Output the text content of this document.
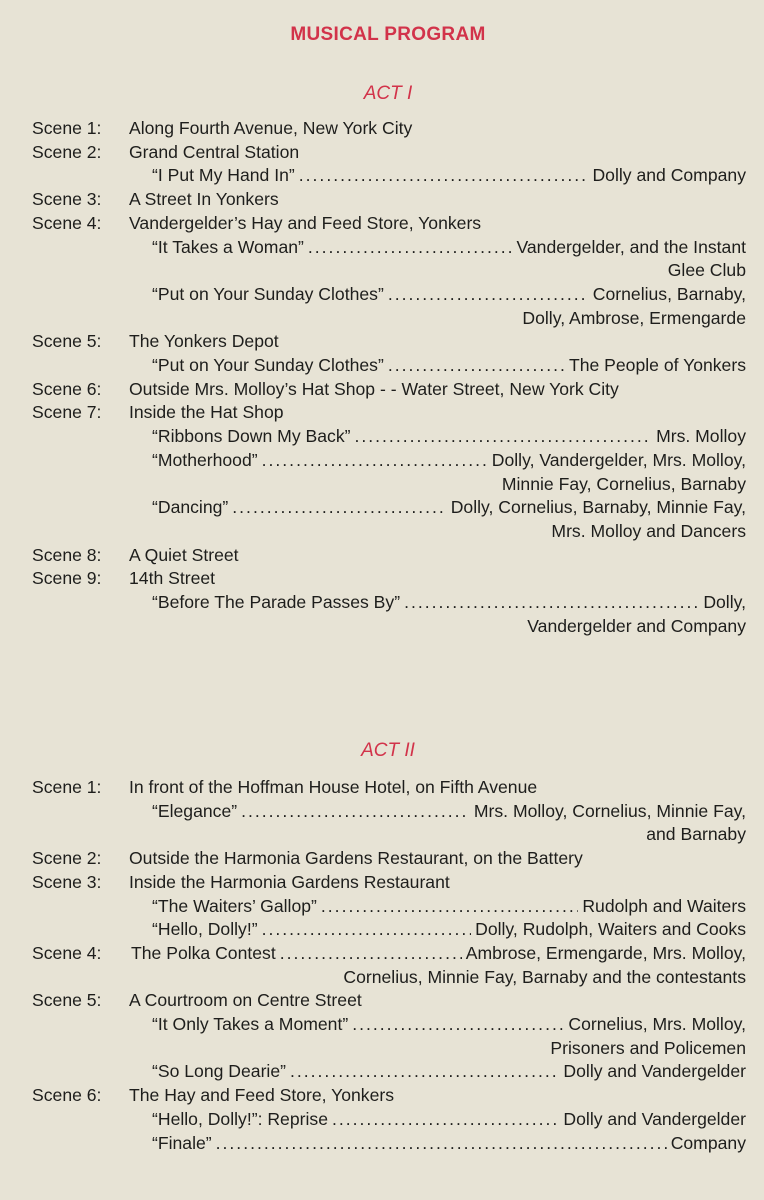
MUSICAL PROGRAM
ACT I
Scene 1:	Along Fourth Avenue, New York City
Scene 2:	Grand Central Station
“I Put My Hand In” .....	Dolly and Company
Scene 3:	A Street In Yonkers
Scene 4:	Vandergelder’s Hay and Feed Store, Yonkers
“It Takes a Woman” .....	Vandergelder, and the Instant
Glee Club
“Put on Your Sunday Clothes” .....	Cornelius, Barnaby,
Dolly, Ambrose, Ermengarde
Scene 5:	The Yonkers Depot
“Put on Your Sunday Clothes” .....	The People of Yonkers
Scene 6:	Outside Mrs. Molloy’s Hat Shop - - Water Street, New York City
Scene 7:	Inside the Hat Shop
“Ribbons Down My Back” .....	Mrs. Molloy
“Motherhood” .....	Dolly, Vandergelder, Mrs. Molloy,
Minnie Fay, Cornelius, Barnaby
“Dancing” .....	Dolly, Cornelius, Barnaby, Minnie Fay,
Mrs. Molloy and Dancers
Scene 8:	A Quiet Street
Scene 9:	14th Street
“Before The Parade Passes By” .....	Dolly,
Vandergelder and Company
ACT II
Scene 1:	In front of the Hoffman House Hotel, on Fifth Avenue
“Elegance” .....	Mrs. Molloy, Cornelius, Minnie Fay,
and Barnaby
Scene 2:	Outside the Harmonia Gardens Restaurant, on the Battery
Scene 3:	Inside the Harmonia Gardens Restaurant
“The Waiters’ Gallop” .....	Rudolph and Waiters
“Hello, Dolly!” .....	Dolly, Rudolph, Waiters and Cooks
Scene 4:	The Polka Contest .....	Ambrose, Ermengarde, Mrs. Molloy,
Cornelius, Minnie Fay, Barnaby and the contestants
Scene 5:	A Courtroom on Centre Street
“It Only Takes a Moment” .....	Cornelius, Mrs. Molloy,
Prisoners and Policemen
“So Long Dearie” .....	Dolly and Vandergelder
Scene 6:	The Hay and Feed Store, Yonkers
“Hello, Dolly!”: Reprise .....	Dolly and Vandergelder
“Finale” .....	Company
